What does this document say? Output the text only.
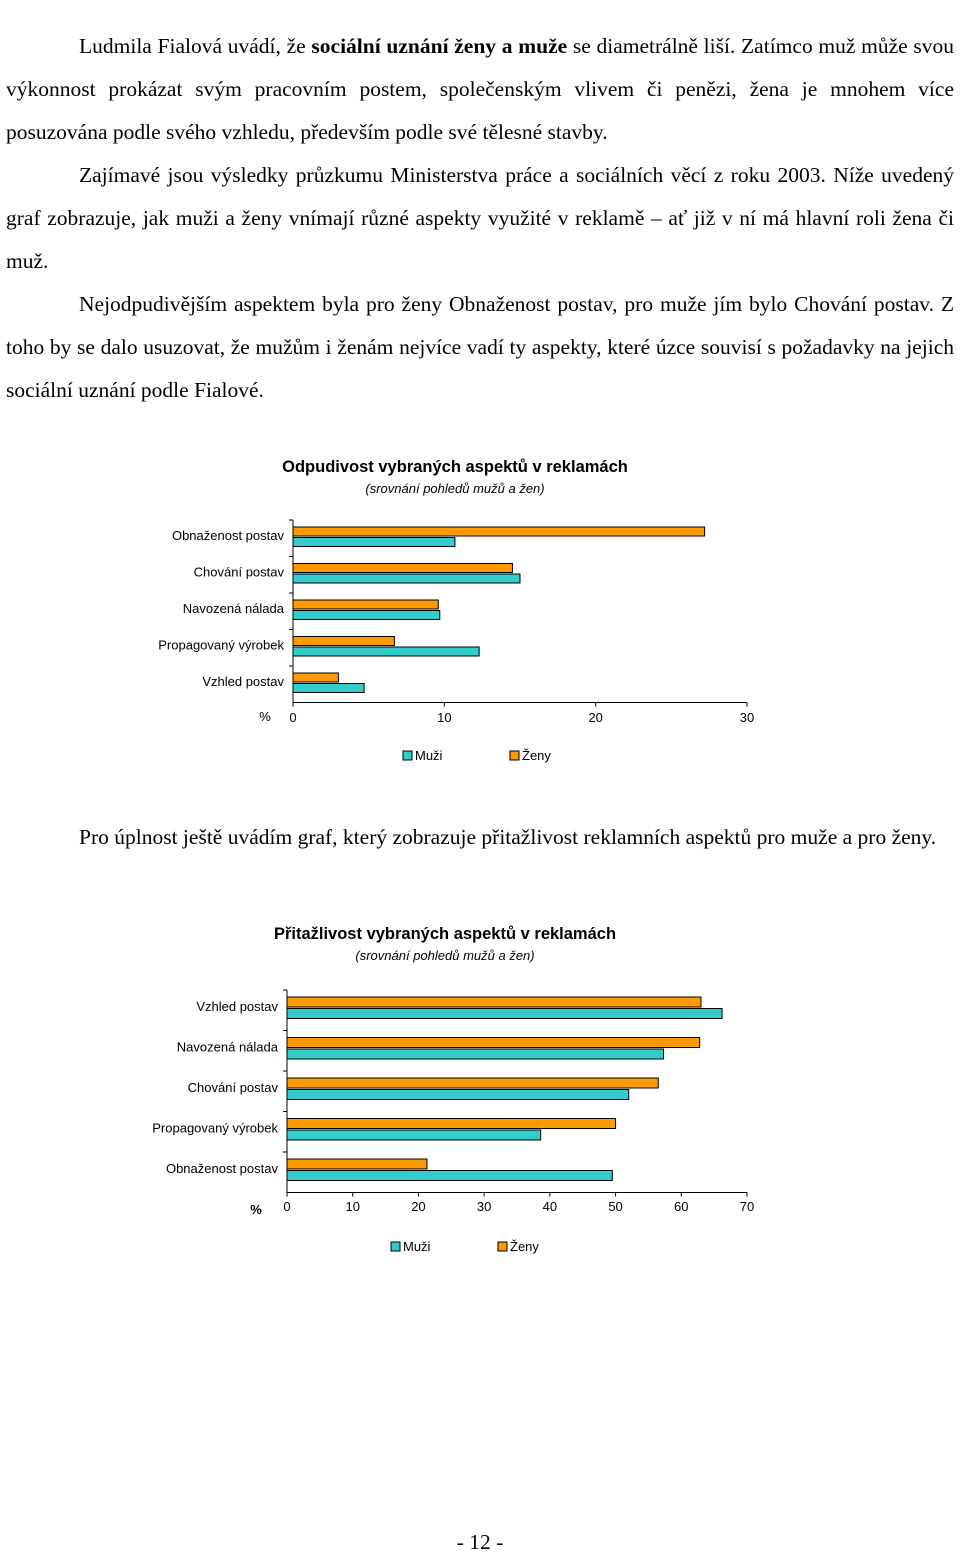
Ludmila Fialová uvádí, že sociální uznání ženy a muže se diametrálně liší. Zatímco muž může svou výkonnost prokázat svým pracovním postem, společenským vlivem či penězi, žena je mnohem více posuzována podle svého vzhledu, především podle své tělesné stavby.

Zajímavé jsou výsledky průzkumu Ministerstva práce a sociálních věcí z roku 2003. Níže uvedený graf zobrazuje, jak muži a ženy vnímají různé aspekty využité v reklamě – ať již v ní má hlavní roli žena či muž.

Nejodpudivějším aspektem byla pro ženy Obnaženost postav, pro muže jím bylo Chování postav. Z toho by se dalo usuzovat, že mužům i ženám nejvíce vadí ty aspekty, které úzce souvisí s požadavky na jejich sociální uznání podle Fialové.

Odpudivost vybraných aspektů v reklamách
(srovnání pohledů mužů a žen)
0	10	20	30
%
Obnaženost postav
Chování postav
Navozená nálada
Propagovaný výrobek
Vzhled postav
Muži	Ženy

Pro úplnost ještě uvádím graf, který zobrazuje přitažlivost reklamních aspektů pro muže a pro ženy.

Přitažlivost vybraných aspektů v reklamách
(srovnání pohledů mužů a žen)
0	10	20	30	40	50	60	70
%
Vzhled postav
Navozená nálada
Chování postav
Propagovaný výrobek
Obnaženost postav
Muži	Ženy
- 12 -
